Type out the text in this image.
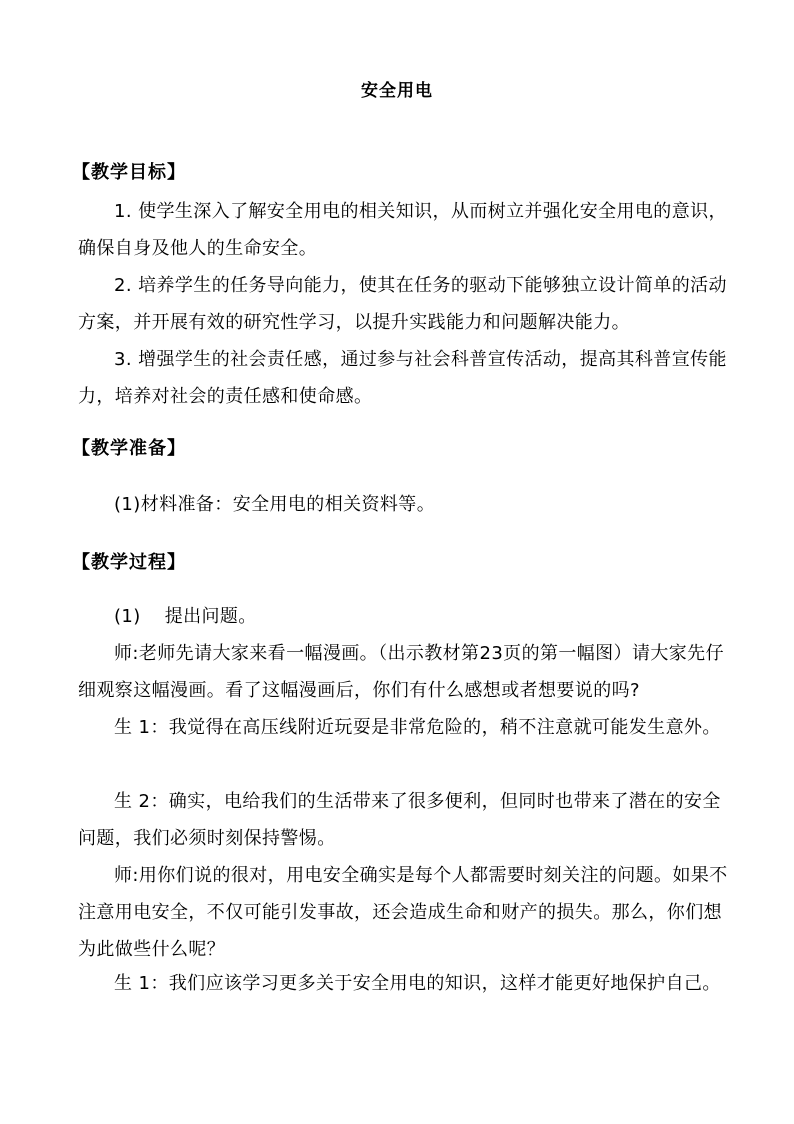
安全用电
【教学目标】
1. 使学生深入了解安全用电的相关知识，从而树立并强化安全用电的意识，确保自身及他人的生命安全。
2. 培养学生的任务导向能力，使其在任务的驱动下能够独立设计简单的活动方案，并开展有效的研究性学习，以提升实践能力和问题解决能力。
3. 增强学生的社会责任感，通过参与社会科普宣传活动，提高其科普宣传能力，培养对社会的责任感和使命感。
【教学准备】
(1)材料准备：安全用电的相关资料等。
【教学过程】
(1) 提出问题。
师:老师先请大家来看一幅漫画。（出示教材第23页的第一幅图）请大家先仔细观察这幅漫画。看了这幅漫画后，你们有什么感想或者想要说的吗?
生 1：我觉得在高压线附近玩耍是非常危险的，稍不注意就可能发生意外。
生 2：确实，电给我们的生活带来了很多便利，但同时也带来了潜在的安全问题，我们必须时刻保持警惕。
师:用你们说的很对，用电安全确实是每个人都需要时刻关注的问题。如果不注意用电安全，不仅可能引发事故，还会造成生命和财产的损失。那么，你们想为此做些什么呢？
生 1：我们应该学习更多关于安全用电的知识，这样才能更好地保护自己。
